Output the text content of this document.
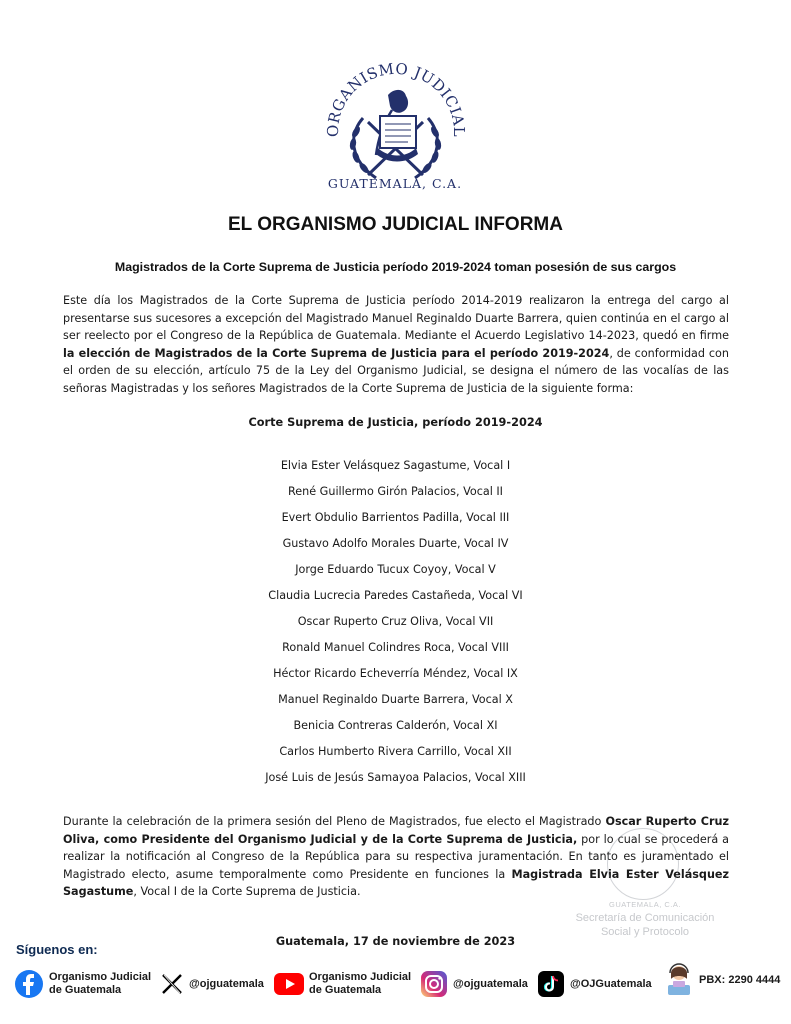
ORGANISMO JUDICIAL
GUATEMALA, C.A.
EL ORGANISMO JUDICIAL INFORMA
Magistrados de la Corte Suprema de Justicia período 2019-2024 toman posesión de sus cargos
Este día los Magistrados de la Corte Suprema de Justicia período 2014-2019 realizaron la entrega del cargo al presentarse sus sucesores a excepción del Magistrado Manuel Reginaldo Duarte Barrera, quien continúa en el cargo al ser reelecto por el Congreso de la República de Guatemala. Mediante el Acuerdo Legislativo 14-2023, quedó en firme la elección de Magistrados de la Corte Suprema de Justicia para el período 2019-2024, de conformidad con el orden de su elección, artículo 75 de la Ley del Organismo Judicial, se designa el número de las vocalías de las señoras Magistradas y los señores Magistrados de la Corte Suprema de Justicia de la siguiente forma:
Corte Suprema de Justicia, período 2019-2024
Elvia Ester Velásquez Sagastume, Vocal I
René Guillermo Girón Palacios, Vocal II
Evert Obdulio Barrientos Padilla, Vocal III
Gustavo Adolfo Morales Duarte, Vocal IV
Jorge Eduardo Tucux Coyoy, Vocal V
Claudia Lucrecia Paredes Castañeda, Vocal VI
Oscar Ruperto Cruz Oliva, Vocal VII
Ronald Manuel Colindres Roca, Vocal VIII
Héctor Ricardo Echeverría Méndez, Vocal IX
Manuel Reginaldo Duarte Barrera, Vocal X
Benicia Contreras Calderón, Vocal XI
Carlos Humberto Rivera Carrillo, Vocal XII
José Luis de Jesús Samayoa Palacios, Vocal XIII
Durante la celebración de la primera sesión del Pleno de Magistrados, fue electo el Magistrado Oscar Ruperto Cruz Oliva, como Presidente del Organismo Judicial y de la Corte Suprema de Justicia, por lo cual se procederá a realizar la notificación al Congreso de la República para su respectiva juramentación. En tanto es juramentado el Magistrado electo, asume temporalmente como Presidente en funciones la Magistrada Elvia Ester Velásquez Sagastume, Vocal I de la Corte Suprema de Justicia.
GUATEMALA, C.A.
Secretaría de Comunicación
Social y Protocolo
Guatemala, 17 de noviembre de 2023
Síguenos en:
Organismo Judicial
de Guatemala
@ojguatemala
Organismo Judicial
de Guatemala
@ojguatemala	@OJGuatemala	PBX: 2290 4444
